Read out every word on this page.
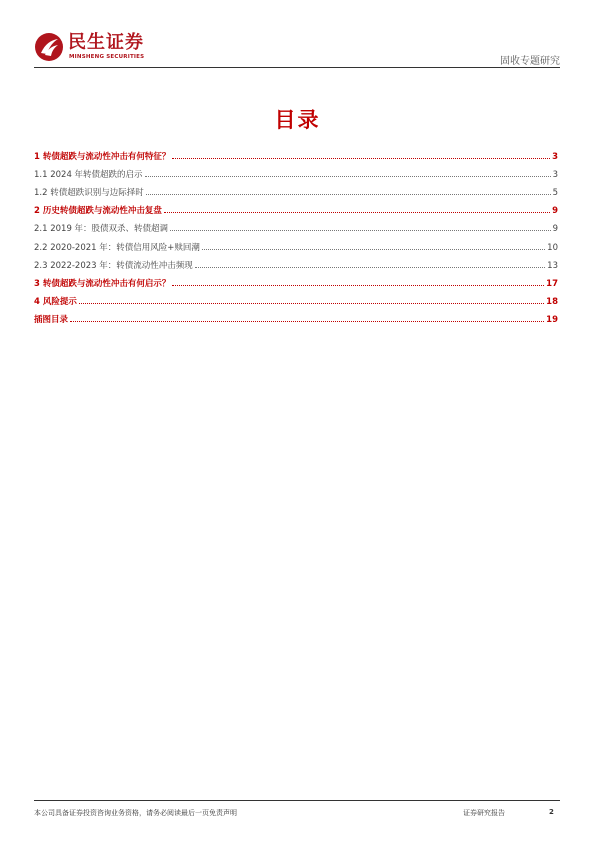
民生证券
MINSHENG SECURITIES	固收专题研究
目录
1 转债超跌与流动性冲击有何特征？	3
1.1 2024 年转债超跌的启示	3
1.2 转债超跌识别与边际择时	5
2 历史转债超跌与流动性冲击复盘	9
2.1 2019 年：股债双杀、转债超调	9
2.2 2020-2021 年：转债信用风险+赎回潮	10
2.3 2022-2023 年：转债流动性冲击频现	13
3 转债超跌与流动性冲击有何启示？	17
4 风险提示	18
插图目录	19
本公司具备证券投资咨询业务资格，请务必阅读最后一页免责声明	证券研究报告	2
